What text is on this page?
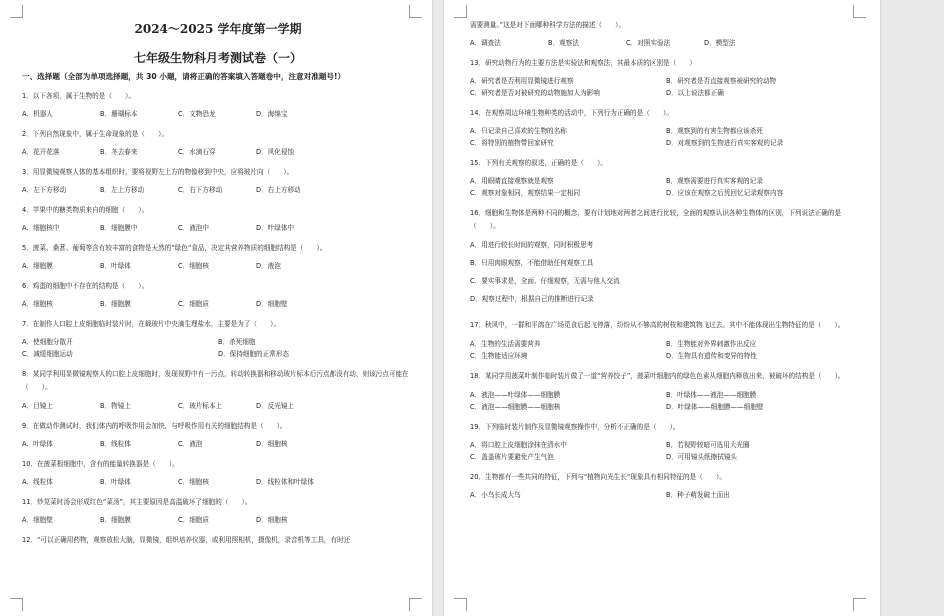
2024～2025 学年度第一学期
七年级生物科月考测试卷（一）
一、选择题（全部为单项选择题，共 30 小题，请将正确的答案填入答题卷中，注意对准题号!）
1．以下各项，属于生物的是（　　）。
A．机器人	B．珊瑚标本	C．文物恐龙	D．海绵宝
2．下列自然现象中，属于生命现象的是（　　）。
A．花开花落	B．冬去春来	C．水滴石穿	D．风化侵蚀
3．用显微镜观察人体的基本组织时，要将视野左上方的物像移到中央，应将玻片向（　　）。
A．左下方移动	B．左上方移动	C．右下方移动	D．右上方移动
4．苹果中的糖类物质来自的细胞（　　）。
A．细胞核中	B．细胞膜中	C．液泡中	D．叶绿体中
5．菠菜、桑葚、葡萄等含有较丰富的食物是天然的“绿色”食品，决定其营养物质的细胞结构是（　　）。
A．细胞膜	B．叶绿体	C．细胞核	D．液泡
6．鸡蛋的细胞中不存在的结构是（　　）。
A．细胞核	B．细胞膜	C．细胞质	D．细胞壁
7．在制作人口腔上皮细胞临时装片时，在载玻片中央滴生理盐水，主要是为了（　　）。
A．使细胞分散开	B．杀死细胞
C．减缓细胞运动	D．保持细胞的正常形态
8．某同学利用显微镜观察人的口腔上皮细胞时，发现视野中有一污点，转动转换器和移动玻片标本后污点都没有动，则该污点可能在（　　）。
A．目镜上	B．物镜上	C．玻片标本上	D．反光镜上
9．在做动作测试时，我们体内的呼吸作用会加快，与呼吸作用有关的细胞结构是（　　）。
A．叶绿体	B．线粒体	C．液泡	D．细胞核
10．在菠菜根细胞中，含有的能量转换器是（　　）。
A．线粒体	B．叶绿体	C．细胞核	D．线粒体和叶绿体
11．炒苋菜时汤会形成红色“菜汤”，其主要原因是高温破坏了细胞的（　　）。
A．细胞壁	B．细胞膜	C．细胞质	D．细胞核
12．“可以正确用药物，观察放松大脑，显微镜，组织培养仪器，或利用照相机，摄像机，录音机等工具，有时还
需要测量。”这是对下面哪种科学方法的描述（　　）。
A．调查法	B．观察法	C．对照实验法	D．模型法
13．研究动物行为的主要方法是实验法和观察法，其最本质的区别是（　　）
A．研究者是否利用显微镜进行观察	B．研究者是否直接观察被研究的动物
C．研究者是否对被研究的动物施加人为影响	D．以上说法都正确
14．在观察周边环境生物种类的活动中，下列行为正确的是（　　）。
A．只记录自己喜欢的生物的名称	B．观察到的有害生物都应该杀死
C．将特别的植物带回家研究	D．对观察到的生物进行真实客观的记录
15．下列有关观察的叙述，正确的是（　　）。
A．用眼睛直接观察就是观察	B．观察需要进行真实客观的记录
C．观察对象相同，观察结果一定相同	D．应该在观察之后凭回忆记录观察内容
16．细胞和生物体是两种不同的概念，要有计划地对两者之间进行比较，全面的观察认识各种生物体的区别，下列说法正确的是（　　）。
A．用进行较长时间的观察，同时积极思考
B．只用肉眼观察，不能借助任何观察工具
C．要实事求是，全面、仔细观察，无需与他人交流
D．观察过程中，根据自己的推断进行记录
17．秋风中，一群和平鸽在广场觅食后起飞停落，纷纷从不够高的树枝和建筑物飞过去。其中不能体现出生物特征的是（　　）。
A．生物的生活需要营养	B．生物能对外界刺激作出反应
C．生物能适应环境	D．生物具有遗传和变异的特性
18．某同学用菠菜叶制作临时装片做了一道“营养饺子”，菠菜叶细胞内的绿色色素从细胞内释放出来，被破坏的结构是（　　）。
A．液泡——叶绿体——细胞膜	B．叶绿体——液泡——细胞膜
C．液泡——细胞膜——细胞核	D．叶绿体——细胞膜——细胞壁
19．下列临时装片制作及显微镜观察操作中，分析不正确的是（　　）。
A．将口腔上皮细胞涂抹在清水中	B．若视野较暗可选用大光圈
C．盖盖玻片要避免产生气泡	D．可用镜头纸擦拭镜头
20．生物都有一些共同的特征，下列与“植物向光生长”现象具有相同特征的是（　　）。
A．小鸟长成大鸟	B．种子萌发破土而出
